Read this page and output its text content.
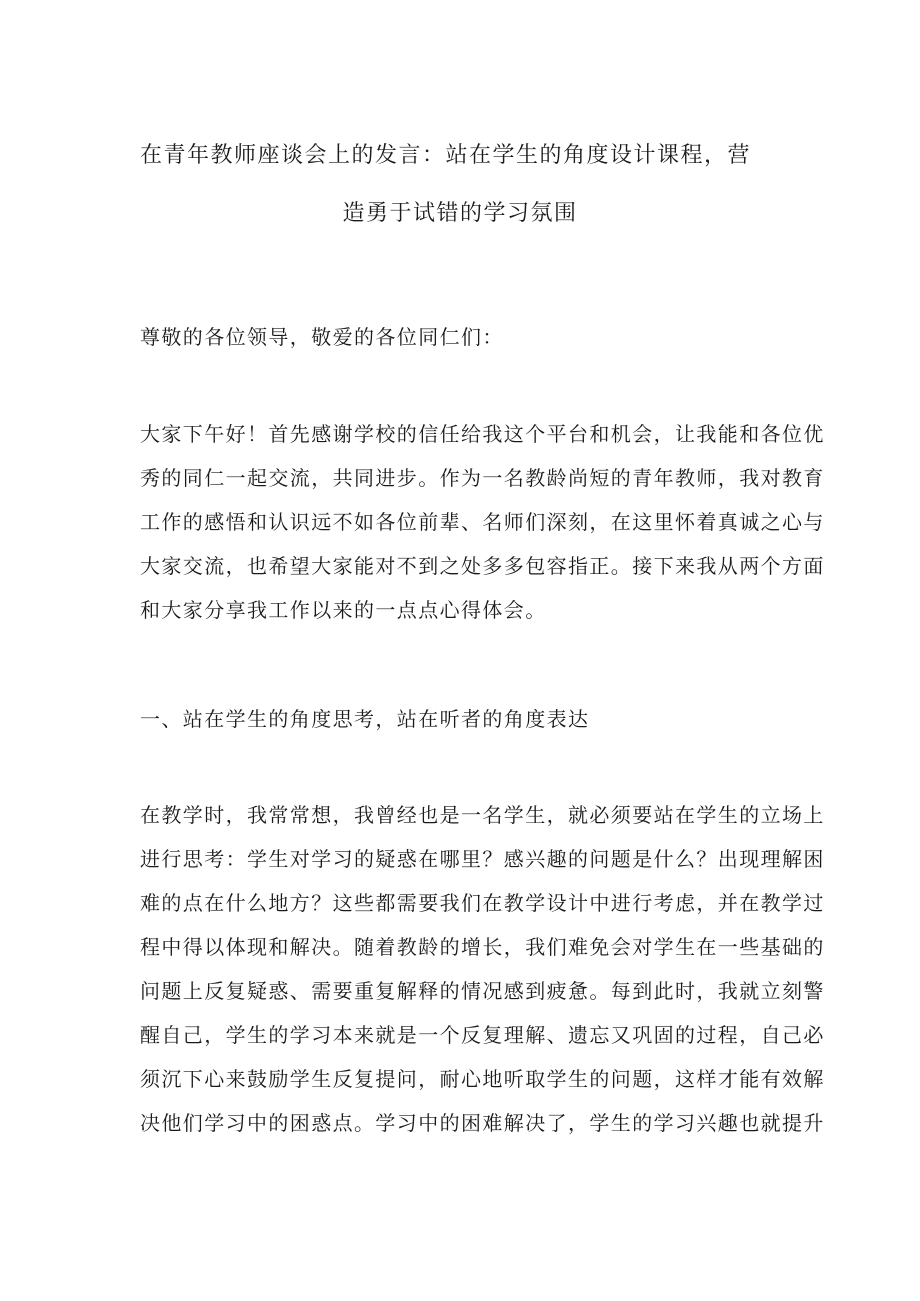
在青年教师座谈会上的发言：站在学生的角度设计课程，营
造勇于试错的学习氛围
尊敬的各位领导，敬爱的各位同仁们：
大家下午好！首先感谢学校的信任给我这个平台和机会，让我能和各位优
秀的同仁一起交流，共同进步。作为一名教龄尚短的青年教师，我对教育
工作的感悟和认识远不如各位前辈、名师们深刻，在这里怀着真诚之心与
大家交流，也希望大家能对不到之处多多包容指正。接下来我从两个方面
和大家分享我工作以来的一点点心得体会。
一、站在学生的角度思考，站在听者的角度表达
在教学时，我常常想，我曾经也是一名学生，就必须要站在学生的立场上
进行思考：学生对学习的疑惑在哪里？感兴趣的问题是什么？出现理解困
难的点在什么地方？这些都需要我们在教学设计中进行考虑，并在教学过
程中得以体现和解决。随着教龄的增长，我们难免会对学生在一些基础的
问题上反复疑惑、需要重复解释的情况感到疲惫。每到此时，我就立刻警
醒自己，学生的学习本来就是一个反复理解、遗忘又巩固的过程，自己必
须沉下心来鼓励学生反复提问，耐心地听取学生的问题，这样才能有效解
决他们学习中的困惑点。学习中的困难解决了，学生的学习兴趣也就提升
